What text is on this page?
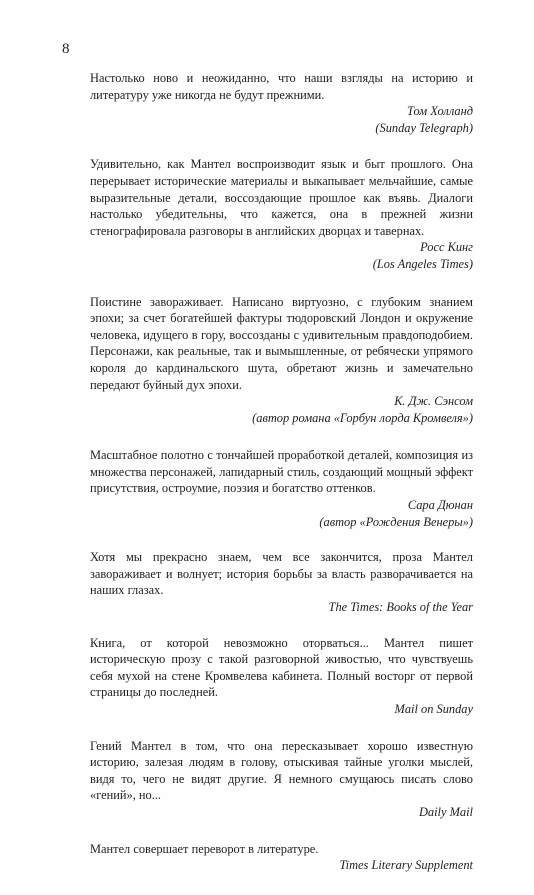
8

Настолько ново и неожиданно, что наши взгляды на историю и литературу уже никогда не будут прежними.

Том Холланд

(Sunday Telegraph)

Удивительно, как Мантел воспроизводит язык и быт прошлого. Она перерывает исторические материалы и выкапывает мельчайшие, самые выразительные детали, воссоздающие прошлое как въявь. Диалоги настолько убедительны, что кажется, она в прежней жизни стенографировала разговоры в английских дворцах и тавернах.

Росс Кинг

(Los Angeles Times)

Поистине завораживает. Написано виртуозно, с глубоким знанием эпохи; за счет богатейшей фактуры тюдоровский Лондон и окружение человека, идущего в гору, воссозданы с удивительным правдоподобием. Персонажи, как реальные, так и вымышленные, от ребячески упрямого короля до кардинальского шута, обретают жизнь и замечательно передают буйный дух эпохи.

К. Дж. Сэнсом

(автор романа «Горбун лорда Кромвеля»)

Масштабное полотно с тончайшей проработкой деталей, композиция из множества персонажей, лапидарный стиль, создающий мощный эффект присутствия, остроумие, поэзия и богатство оттенков.

Сара Дюнан

(автор «Рождения Венеры»)

Хотя мы прекрасно знаем, чем все закончится, проза Мантел завораживает и волнует; история борьбы за власть разворачивается на наших глазах.

The Times: Books of the Year

Книга, от которой невозможно оторваться... Мантел пишет историческую прозу с такой разговорной живостью, что чувствуешь себя мухой на стене Кромвелева кабинета. Полный восторг от первой страницы до последней.

Mail on Sunday

Гений Мантел в том, что она пересказывает хорошо известную историю, залезая людям в голову, отыскивая тайные уголки мыслей, видя то, чего не видят другие. Я немного смущаюсь писать слово «гений», но...

Daily Mail

Мантел совершает переворот в литературе.

Times Literary Supplement
